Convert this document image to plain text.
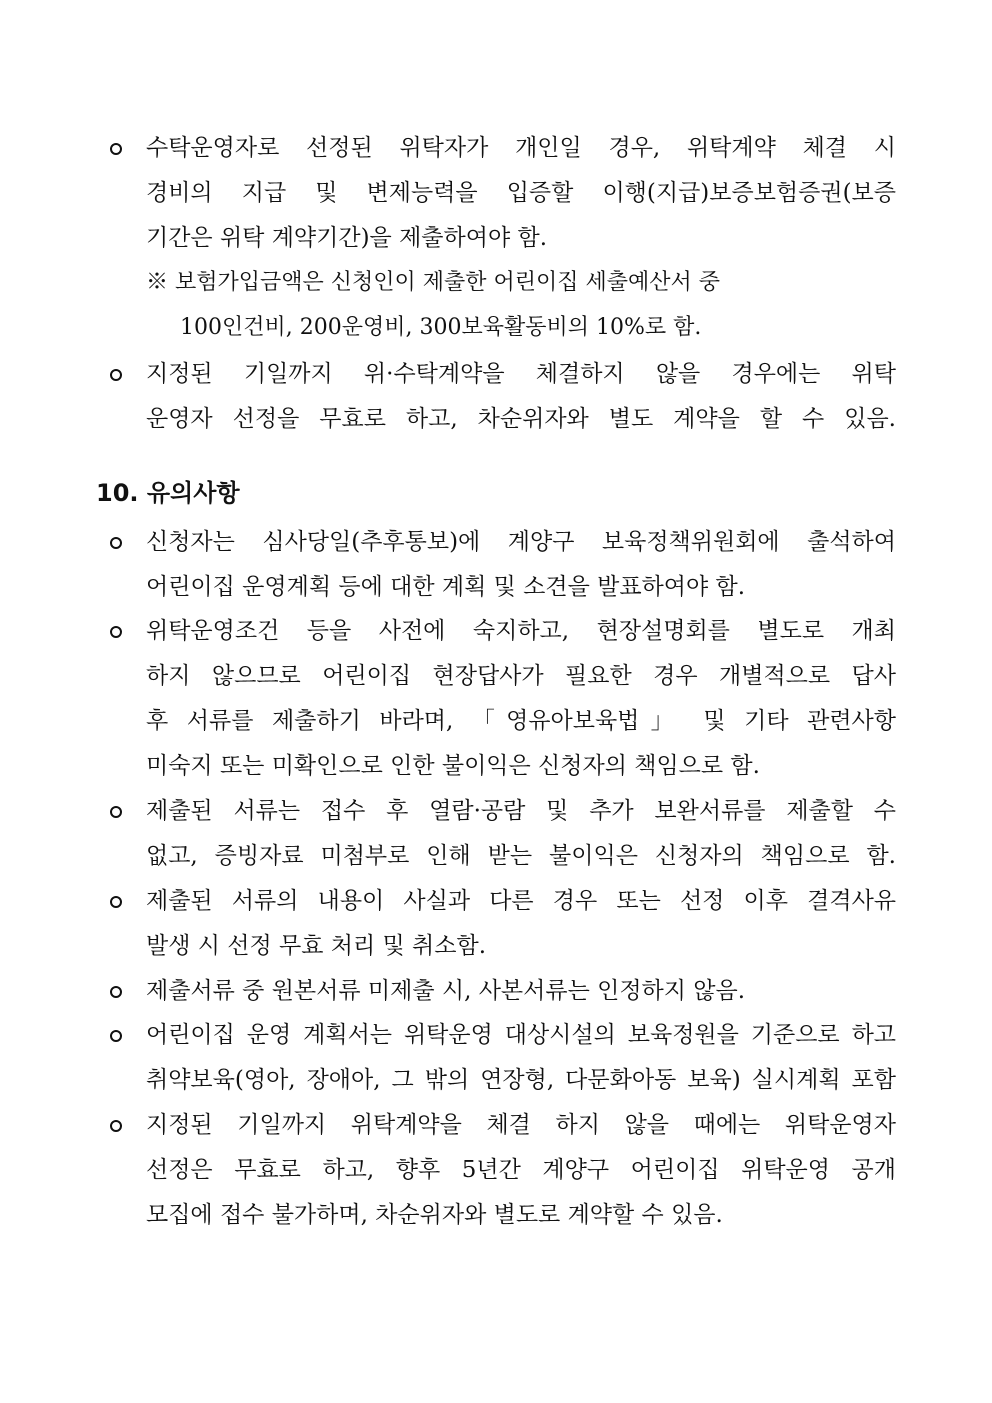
수탁운영자로 선정된 위탁자가 개인일 경우, 위탁계약 체결 시
경비의 지급 및 변제능력을 입증할 이행(지급)보증보험증권(보증
기간은 위탁 계약기간)을 제출하여야 함.
※ 보험가입금액은 신청인이 제출한 어린이집 세출예산서 중
100인건비, 200운영비, 300보육활동비의 10%로 함.
지정된 기일까지 위·수탁계약을 체결하지 않을 경우에는 위탁
운영자 선정을 무효로 하고, 차순위자와 별도 계약을 할 수 있음.
10. 유의사항
신청자는 심사당일(추후통보)에 계양구 보육정책위원회에 출석하여
어린이집 운영계획 등에 대한 계획 및 소견을 발표하여야 함.
위탁운영조건 등을 사전에 숙지하고, 현장설명회를 별도로 개최
하지 않으므로 어린이집 현장답사가 필요한 경우 개별적으로 답사
후 서류를 제출하기 바라며, 「영유아보육법」 및 기타 관련사항
미숙지 또는 미확인으로 인한 불이익은 신청자의 책임으로 함.
제출된 서류는 접수 후 열람·공람 및 추가 보완서류를 제출할 수
없고, 증빙자료 미첨부로 인해 받는 불이익은 신청자의 책임으로 함.
제출된 서류의 내용이 사실과 다른 경우 또는 선정 이후 결격사유
발생 시 선정 무효 처리 및 취소함.
제출서류 중 원본서류 미제출 시, 사본서류는 인정하지 않음.
어린이집 운영 계획서는 위탁운영 대상시설의 보육정원을 기준으로 하고
취약보육(영아, 장애아, 그 밖의 연장형, 다문화아동 보육) 실시계획 포함
지정된 기일까지 위탁계약을 체결 하지 않을 때에는 위탁운영자
선정은 무효로 하고, 향후 5년간 계양구 어린이집 위탁운영 공개
모집에 접수 불가하며, 차순위자와 별도로 계약할 수 있음.
